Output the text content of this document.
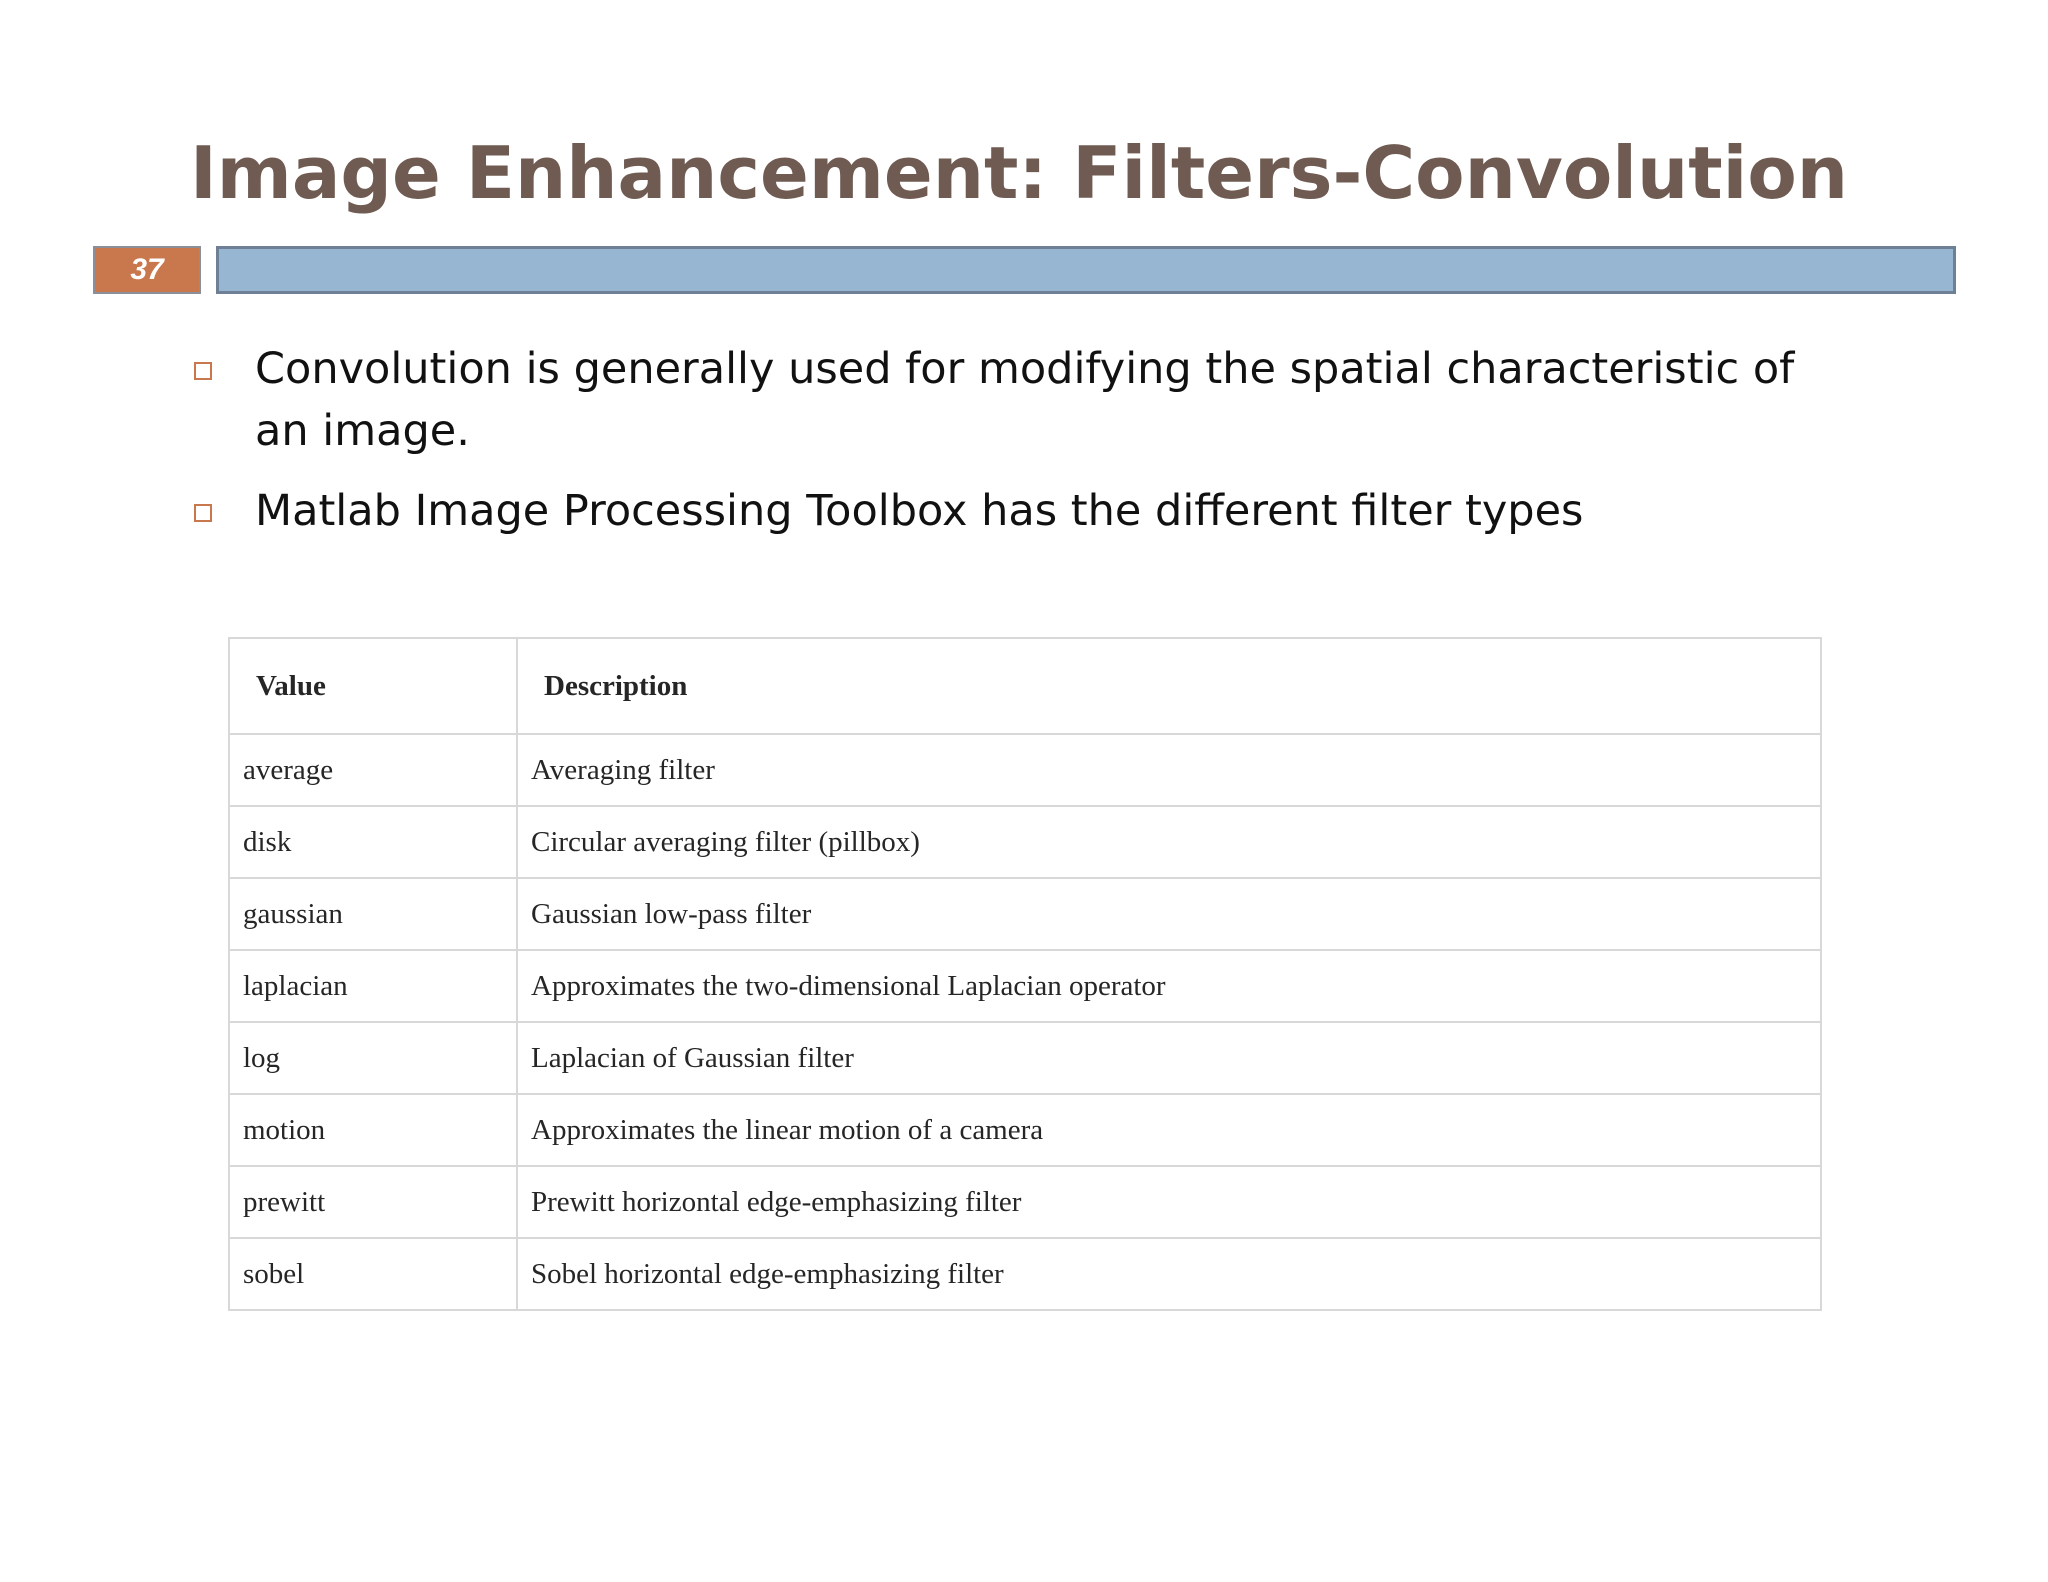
Image Enhancement: Filters-Convolution
37
Convolution is generally used for modifying the spatial characteristic of an image.
Matlab Image Processing Toolbox has the different filter types
Value	Description
average	Averaging filter
disk	Circular averaging filter (pillbox)
gaussian	Gaussian low-pass filter
laplacian	Approximates the two-dimensional Laplacian operator
log	Laplacian of Gaussian filter
motion	Approximates the linear motion of a camera
prewitt	Prewitt horizontal edge-emphasizing filter
sobel	Sobel horizontal edge-emphasizing filter
